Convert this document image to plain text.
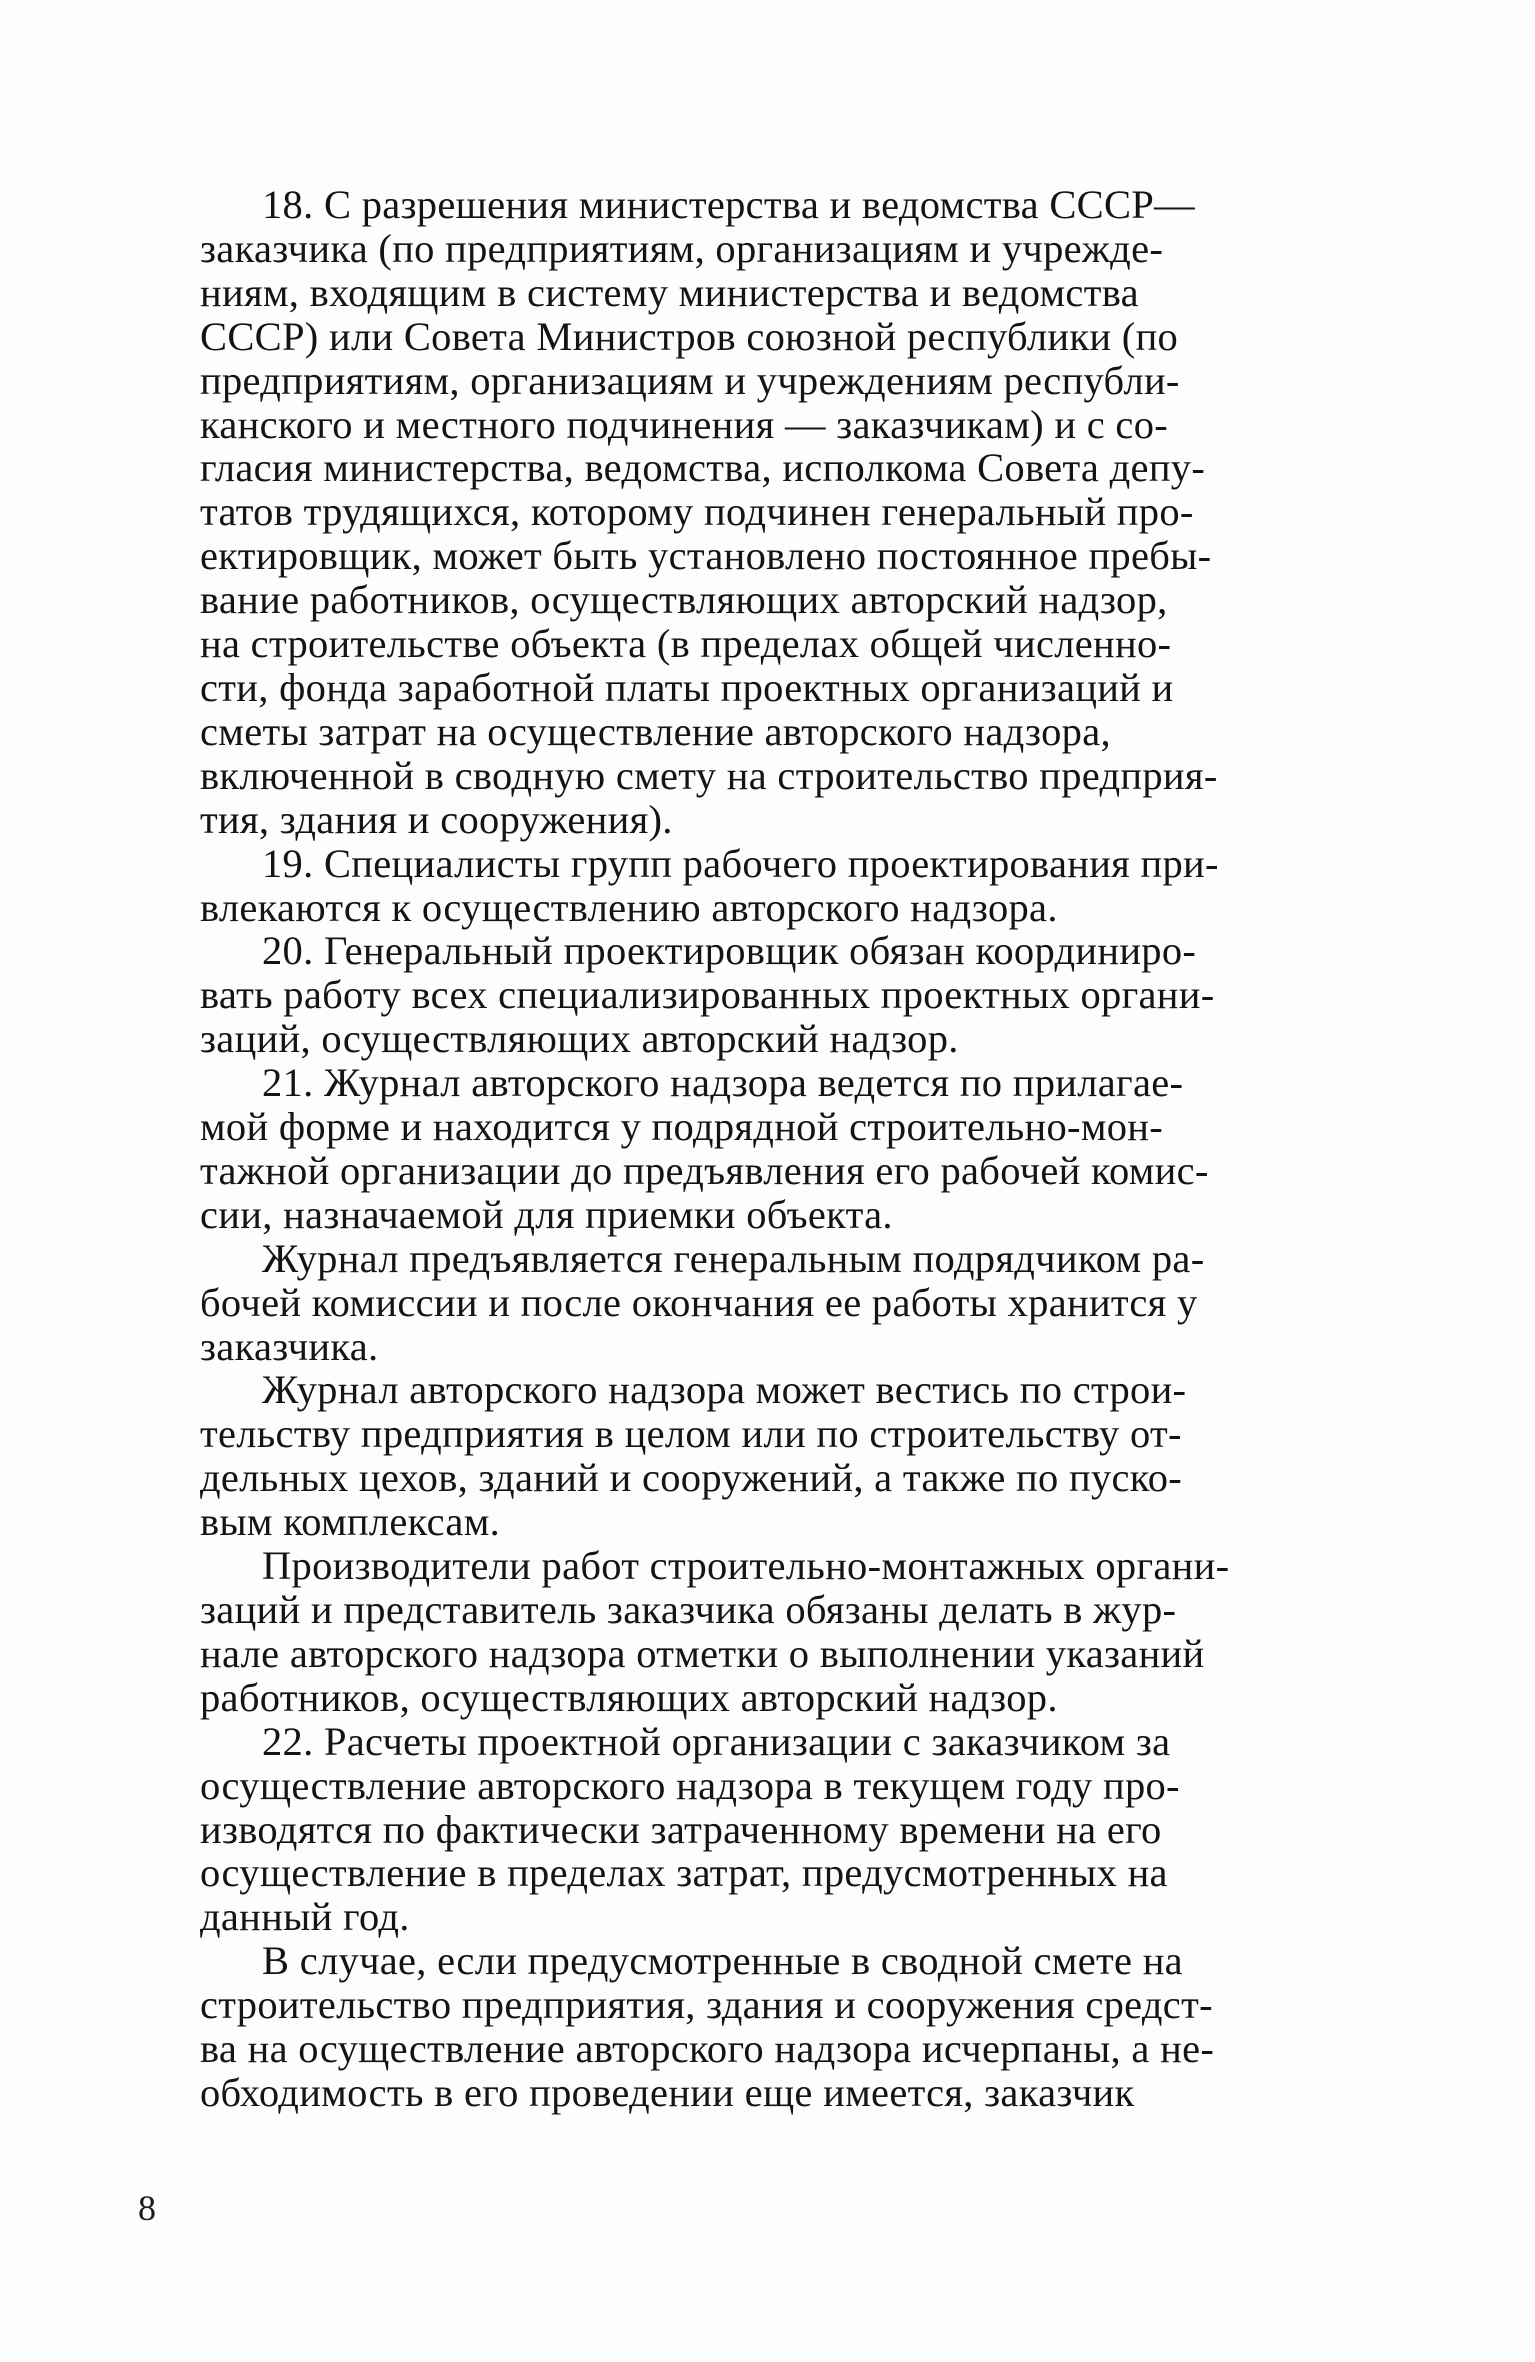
18. С разрешения министерства и ведомства СССР—
заказчика (по предприятиям, организациям и учрежде-
ниям, входящим в систему министерства и ведомства
СССР) или Совета Министров союзной республики (по
предприятиям, организациям и учреждениям республи-
канского и местного подчинения — заказчикам) и с со-
гласия министерства, ведомства, исполкома Совета депу-
татов трудящихся, которому подчинен генеральный про-
ектировщик, может быть установлено постоянное пребы-
вание работников, осуществляющих авторский надзор,
на строительстве объекта (в пределах общей численно-
сти, фонда заработной платы проектных организаций и
сметы затрат на осуществление авторского надзора,
включенной в сводную смету на строительство предприя-
тия, здания и сооружения).

19. Специалисты групп рабочего проектирования при-
влекаются к осуществлению авторского надзора.

20. Генеральный проектировщик обязан координиро-
вать работу всех специализированных проектных органи-
заций, осуществляющих авторский надзор.

21. Журнал авторского надзора ведется по прилагае-
мой форме и находится у подрядной строительно-мон-
тажной организации до предъявления его рабочей комис-
сии, назначаемой для приемки объекта.

Журнал предъявляется генеральным подрядчиком ра-
бочей комиссии и после окончания ее работы хранится у
заказчика.

Журнал авторского надзора может вестись по строи-
тельству предприятия в целом или по строительству от-
дельных цехов, зданий и сооружений, а также по пуско-
вым комплексам.

Производители работ строительно-монтажных органи-
заций и представитель заказчика обязаны делать в жур-
нале авторского надзора отметки о выполнении указаний
работников, осуществляющих авторский надзор.

22. Расчеты проектной организации с заказчиком за
осуществление авторского надзора в текущем году про-
изводятся по фактически затраченному времени на его
осуществление в пределах затрат, предусмотренных на
данный год.

В случае, если предусмотренные в сводной смете на
строительство предприятия, здания и сооружения средст-
ва на осуществление авторского надзора исчерпаны, а не-
обходимость в его проведении еще имеется, заказчик

8
